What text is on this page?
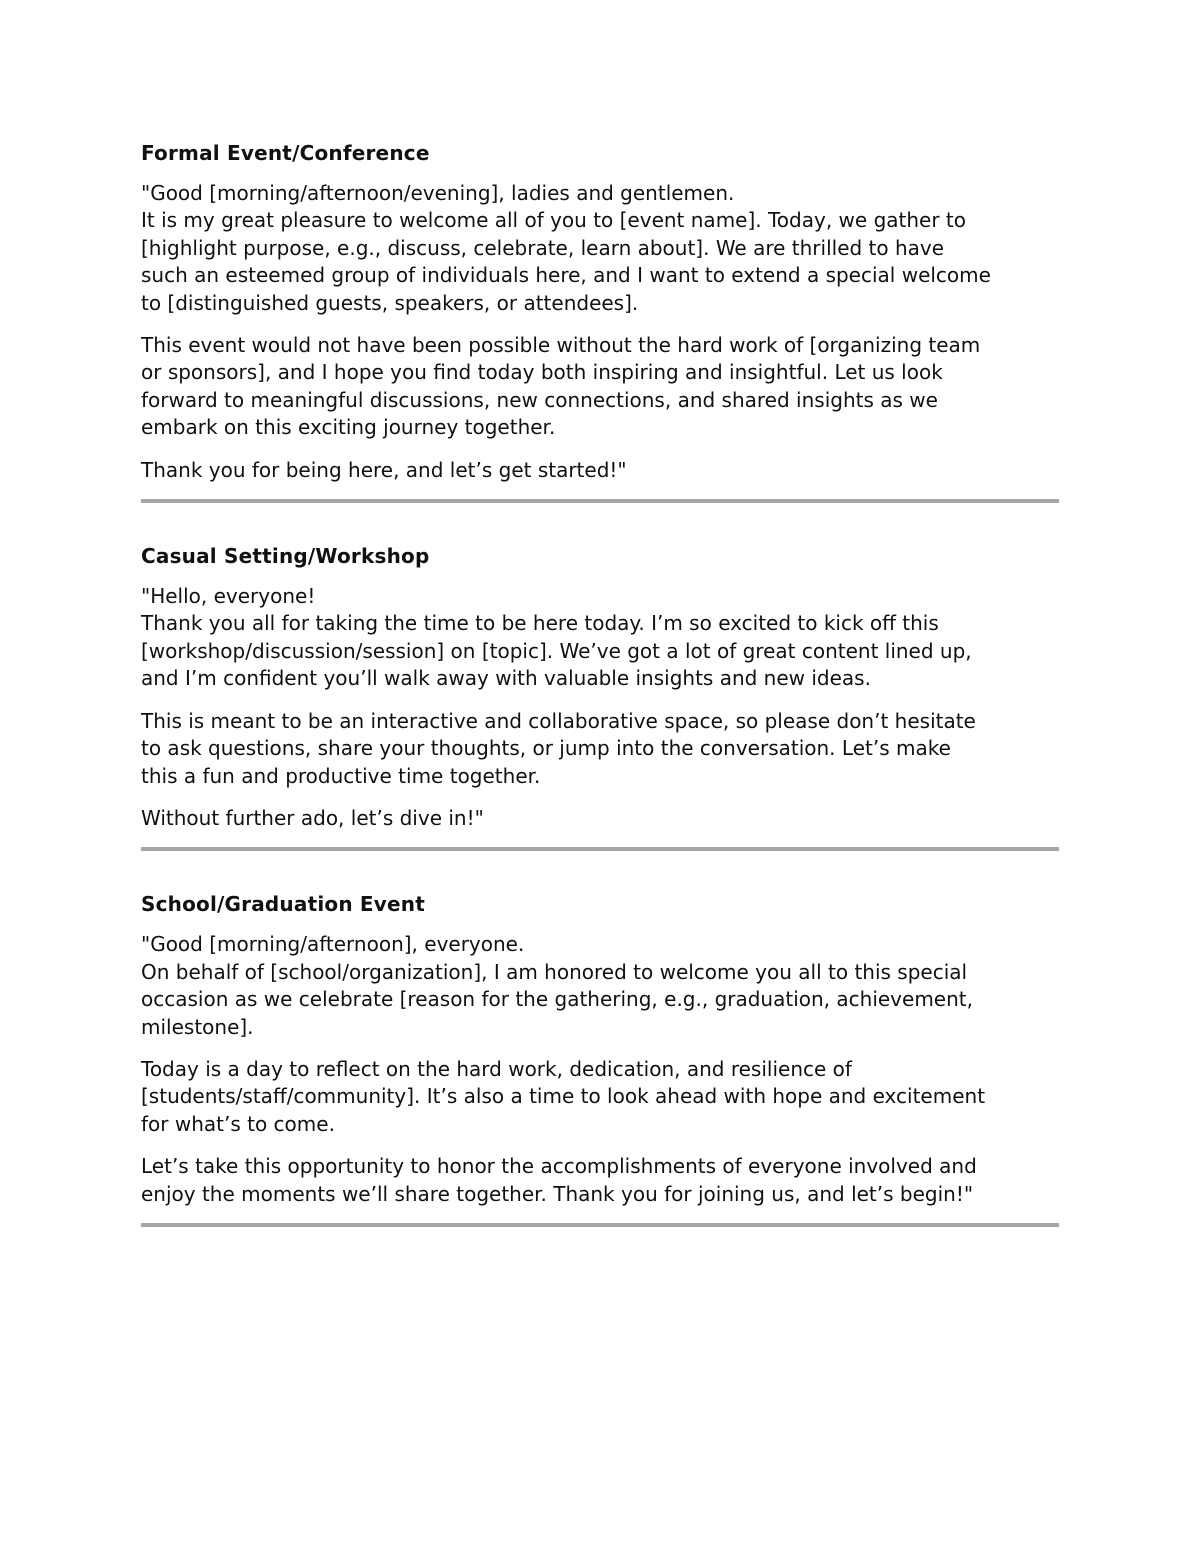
Formal Event/Conference

"Good [morning/afternoon/evening], ladies and gentlemen.
It is my great pleasure to welcome all of you to [event name]. Today, we gather to
[highlight purpose, e.g., discuss, celebrate, learn about]. We are thrilled to have
such an esteemed group of individuals here, and I want to extend a special welcome
to [distinguished guests, speakers, or attendees].

This event would not have been possible without the hard work of [organizing team
or sponsors], and I hope you find today both inspiring and insightful. Let us look
forward to meaningful discussions, new connections, and shared insights as we
embark on this exciting journey together.

Thank you for being here, and let’s get started!"

Casual Setting/Workshop

"Hello, everyone!
Thank you all for taking the time to be here today. I’m so excited to kick off this
[workshop/discussion/session] on [topic]. We’ve got a lot of great content lined up,
and I’m confident you’ll walk away with valuable insights and new ideas.

This is meant to be an interactive and collaborative space, so please don’t hesitate
to ask questions, share your thoughts, or jump into the conversation. Let’s make
this a fun and productive time together.

Without further ado, let’s dive in!"

School/Graduation Event

"Good [morning/afternoon], everyone.
On behalf of [school/organization], I am honored to welcome you all to this special
occasion as we celebrate [reason for the gathering, e.g., graduation, achievement,
milestone].

Today is a day to reflect on the hard work, dedication, and resilience of
[students/staff/community]. It’s also a time to look ahead with hope and excitement
for what’s to come.

Let’s take this opportunity to honor the accomplishments of everyone involved and
enjoy the moments we’ll share together. Thank you for joining us, and let’s begin!"
